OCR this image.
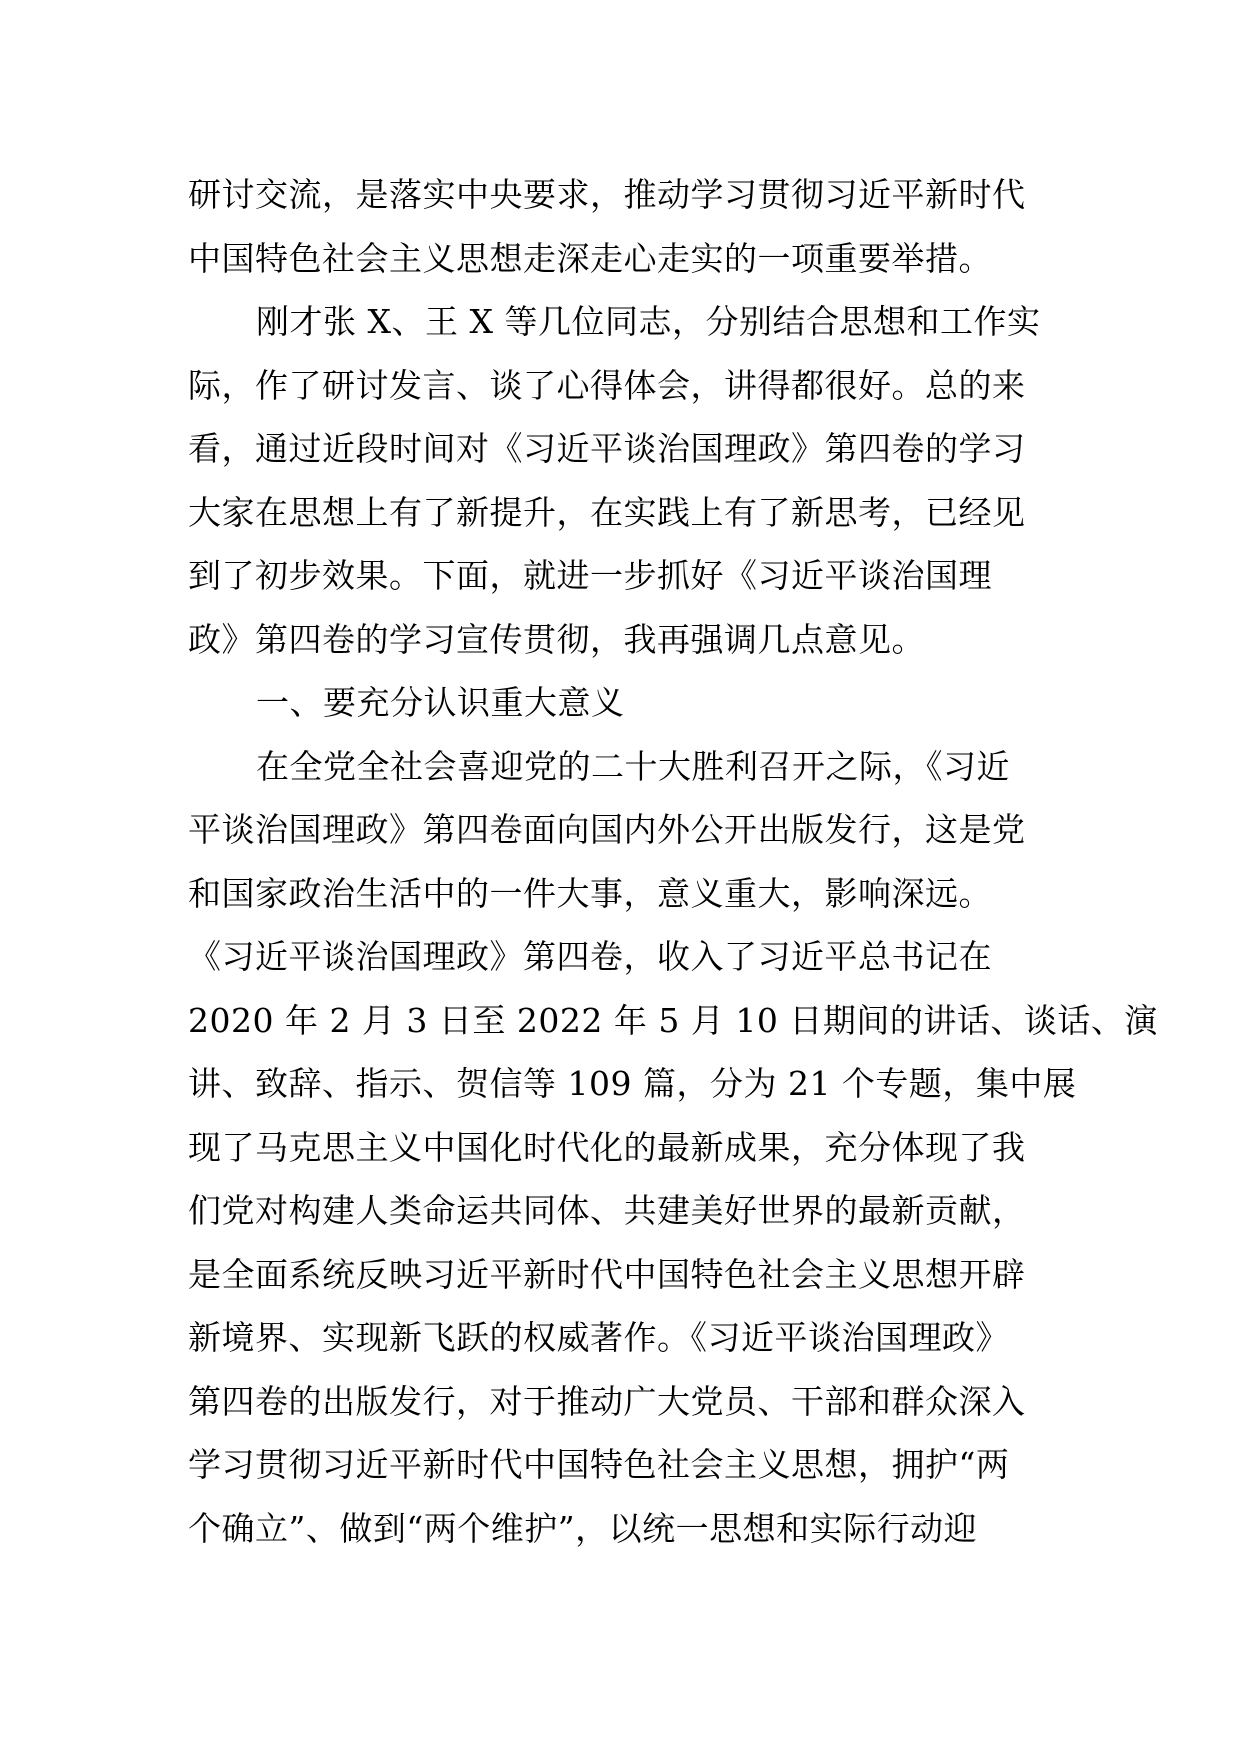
研讨交流，是落实中央要求，推动学习贯彻习近平新时代
中国特色社会主义思想走深走心走实的一项重要举措。
刚才张 X、王 X 等几位同志，分别结合思想和工作实
际，作了研讨发言、谈了心得体会，讲得都很好。总的来
看，通过近段时间对《习近平谈治国理政》第四卷的学习
大家在思想上有了新提升，在实践上有了新思考，已经见
到了初步效果。下面，就进一步抓好《习近平谈治国理
政》第四卷的学习宣传贯彻，我再强调几点意见。
一、要充分认识重大意义
在全党全社会喜迎党的二十大胜利召开之际，《习近
平谈治国理政》第四卷面向国内外公开出版发行，这是党
和国家政治生活中的一件大事，意义重大，影响深远。
《习近平谈治国理政》第四卷，收入了习近平总书记在
2020 年 2 月 3 日至 2022 年 5 月 10 日期间的讲话、谈话、演
讲、致辞、指示、贺信等 109 篇，分为 21 个专题，集中展
现了马克思主义中国化时代化的最新成果，充分体现了我
们党对构建人类命运共同体、共建美好世界的最新贡献，
是全面系统反映习近平新时代中国特色社会主义思想开辟
新境界、实现新飞跃的权威著作。《习近平谈治国理政》
第四卷的出版发行，对于推动广大党员、干部和群众深入
学习贯彻习近平新时代中国特色社会主义思想，拥护“两
个确立”、做到“两个维护”，以统一思想和实际行动迎
